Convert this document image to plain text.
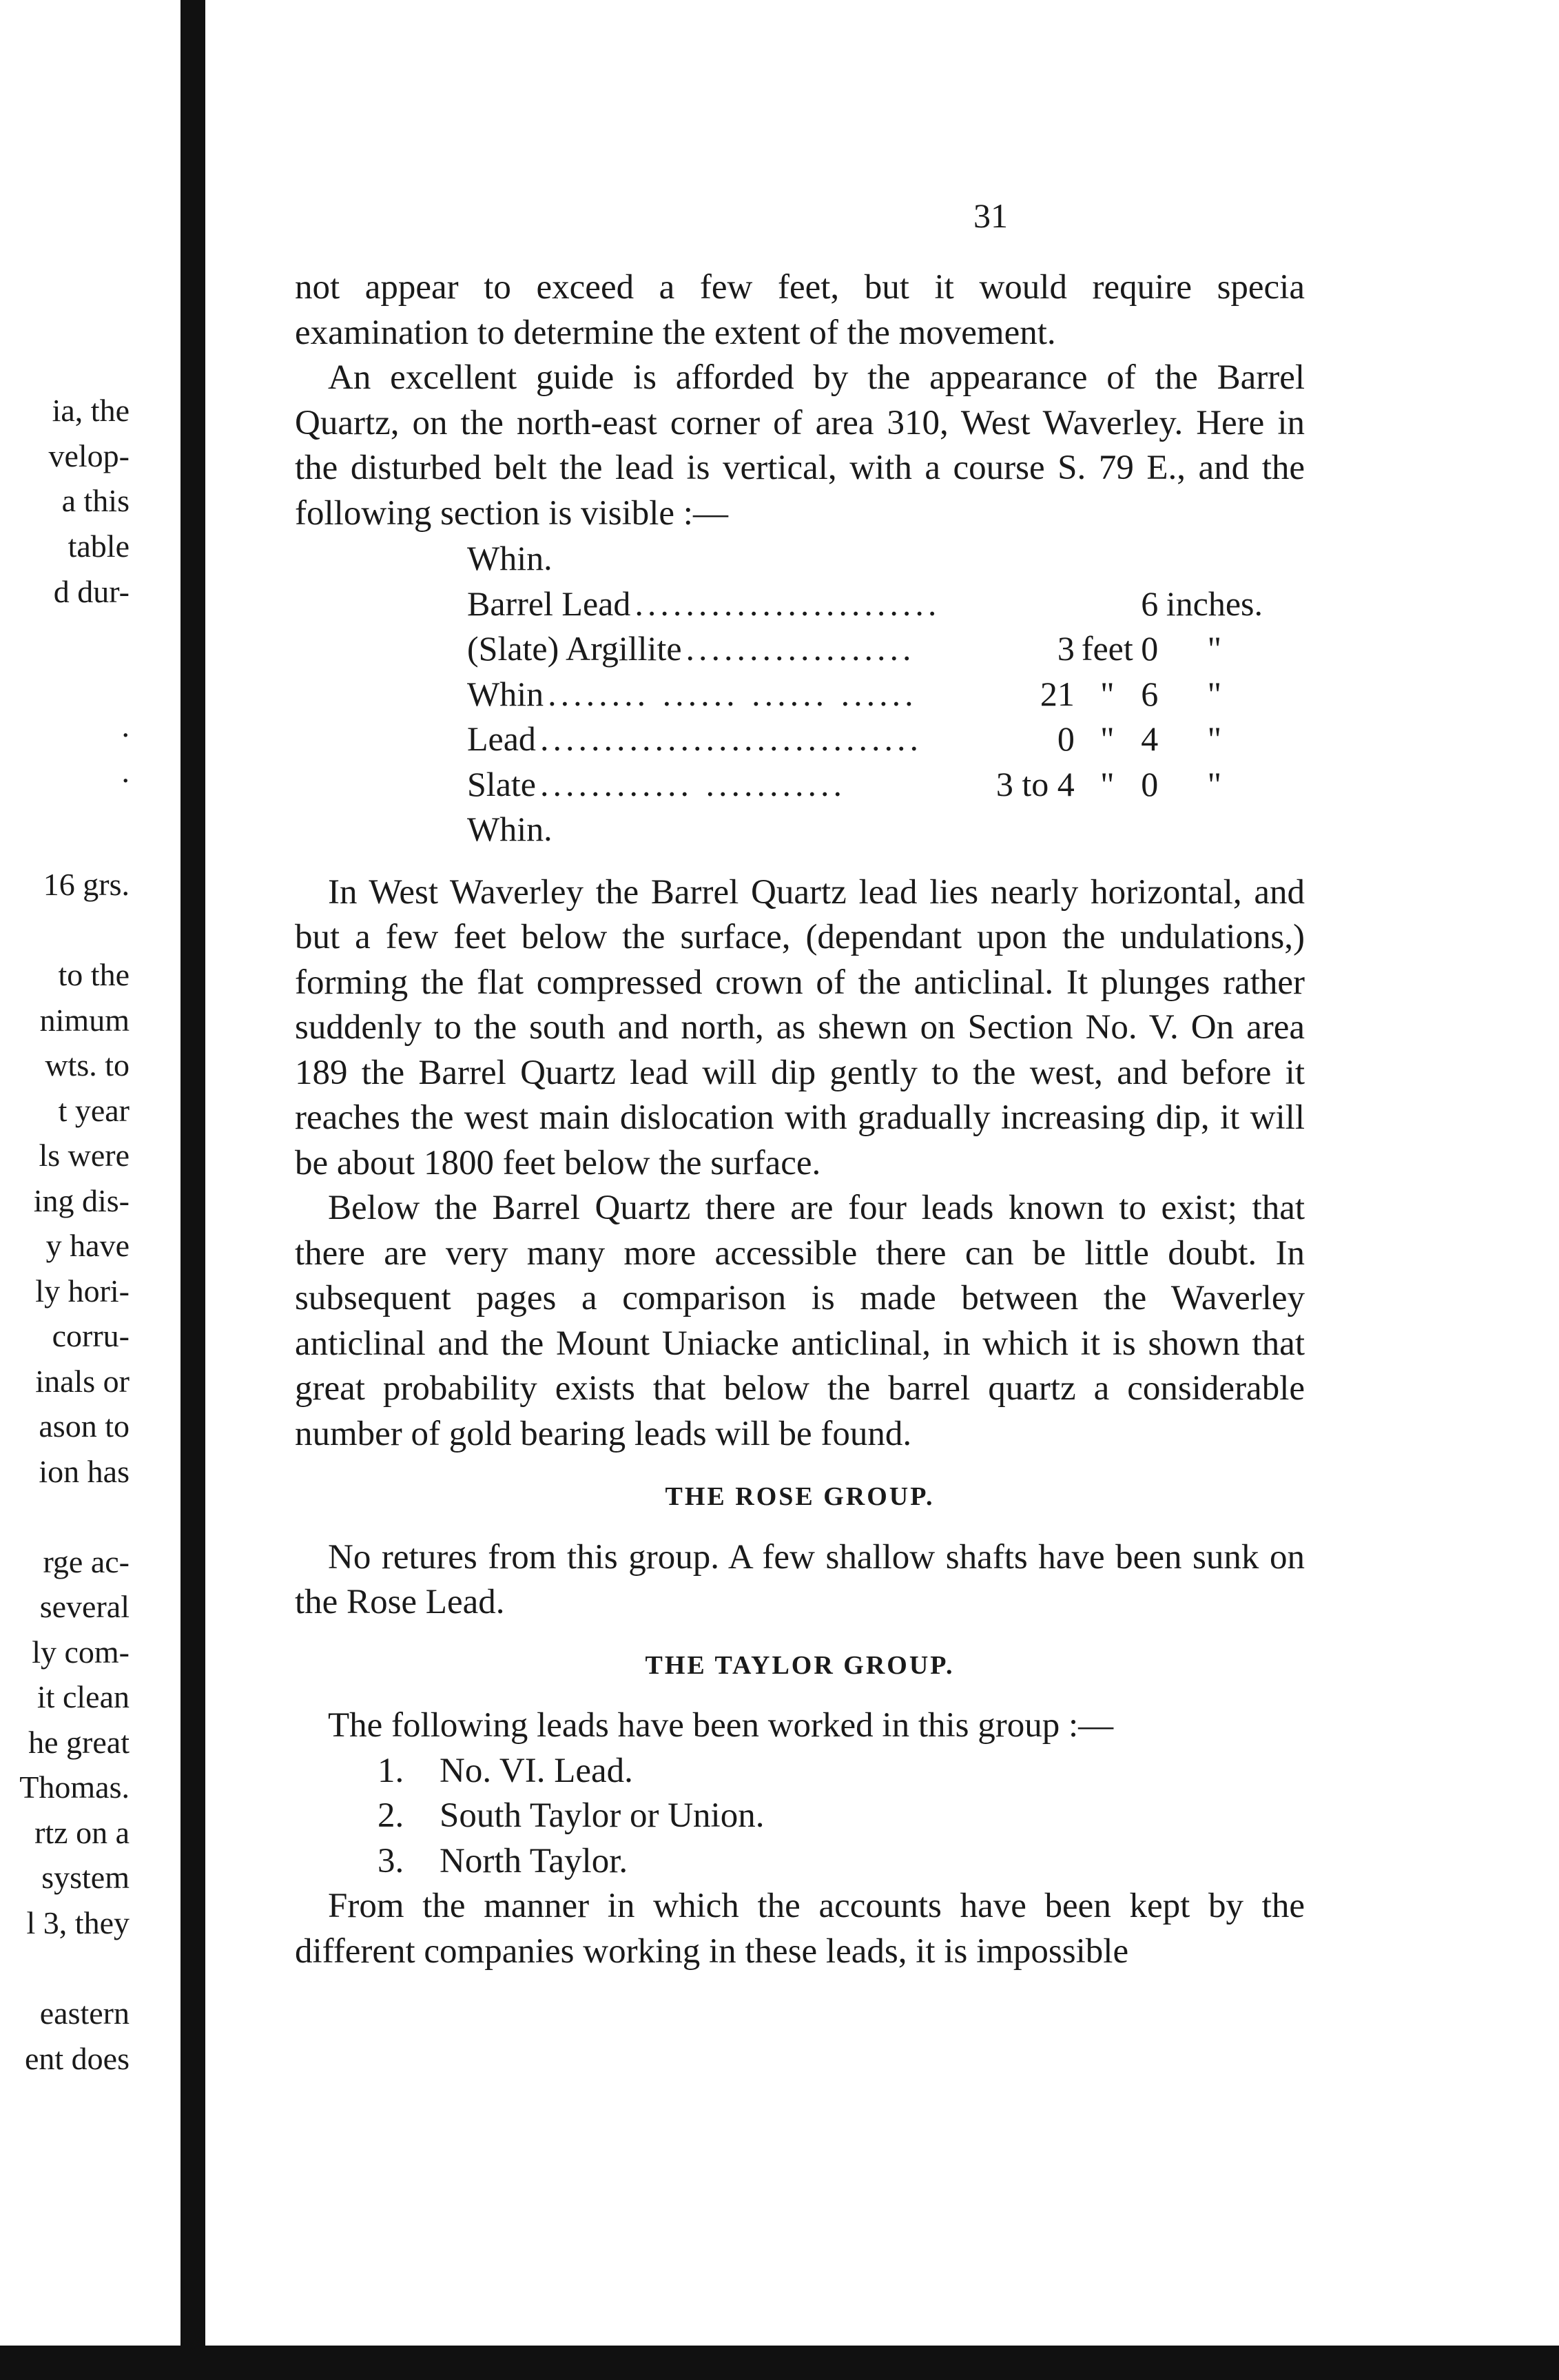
ia, the
velop-
a this
table
d dur-
.
.
16 grs.
to the
nimum
wts. to
t year
ls were
ing dis-
y have
ly hori-
corru-
inals or
ason to
ion has
rge ac-
several
ly com-
it clean
he great
Thomas.
rtz on a
system
l 3, they
eastern
ent does
31

not appear to exceed a few feet, but it would require specia examination to determine the extent of the movement.

An excellent guide is afforded by the appearance of the Barrel Quartz, on the north-east corner of area 310, West Waverley. Here in the disturbed belt the lead is vertical, with a course S. 79 E., and the following section is visible :—

Whin.				
Barrel Lead ........................			6	inches.
(Slate) Argillite ..................	3	feet	0	"
Whin ........ ...... ...... ......	21	"	6	"
Lead ..............................	0	"	4	"
Slate ............ ...........	3 to 4	"	0	"
Whin.				

In West Waverley the Barrel Quartz lead lies nearly horizontal, and but a few feet below the surface, (dependant upon the undulations,) forming the flat compressed crown of the anticlinal. It plunges rather suddenly to the south and north, as shewn on Section No. V. On area 189 the Barrel Quartz lead will dip gently to the west, and before it reaches the west main dislocation with gradually increasing dip, it will be about 1800 feet below the surface.

Below the Barrel Quartz there are four leads known to exist; that there are very many more accessible there can be little doubt. In subsequent pages a comparison is made between the Waverley anticlinal and the Mount Uniacke anticlinal, in which it is shown that great probability exists that below the barrel quartz a considerable number of gold bearing leads will be found.

THE ROSE GROUP.

No retures from this group. A few shallow shafts have been sunk on the Rose Lead.

THE TAYLOR GROUP.

The following leads have been worked in this group :—

1. No. VI. Lead.
2. South Taylor or Union.
3. North Taylor.

From the manner in which the accounts have been kept by the different companies working in these leads, it is impossible
